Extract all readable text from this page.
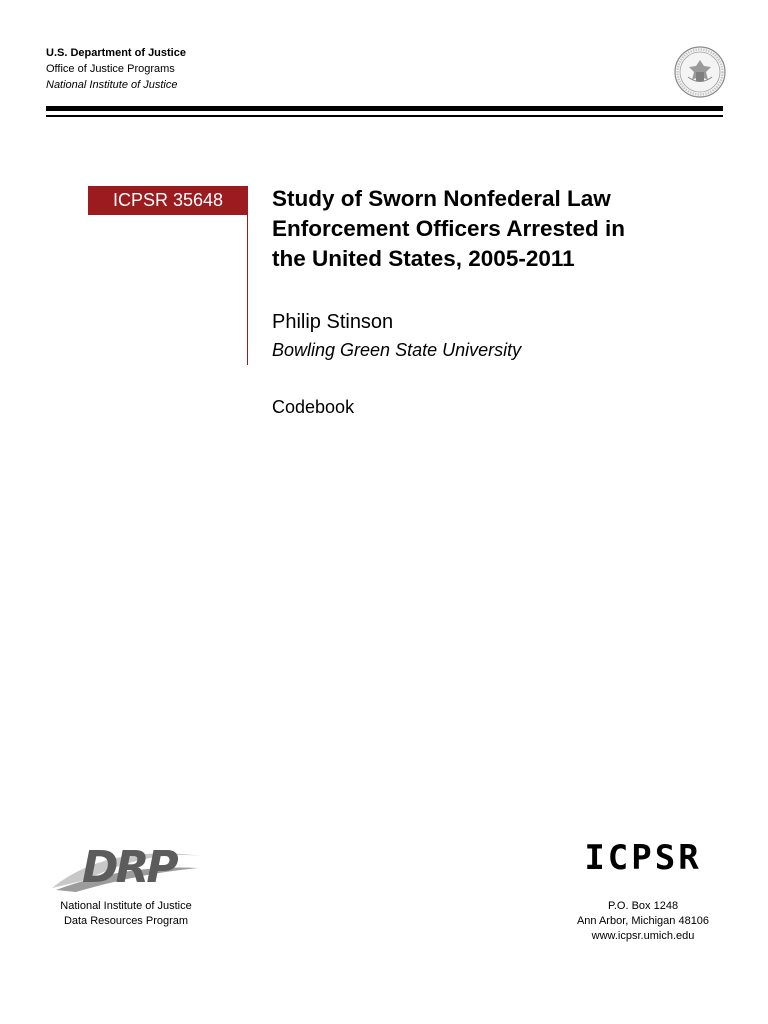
U.S. Department of Justice
Office of Justice Programs
National Institute of Justice
ICPSR 35648	Study of Sworn Nonfederal Law
Enforcement Officers Arrested in
the United States, 2005-2011
Philip Stinson
Bowling Green State University
Codebook
DRP
National Institute of Justice
Data Resources Program
ICPSR
P.O. Box 1248
Ann Arbor, Michigan 48106
www.icpsr.umich.edu
